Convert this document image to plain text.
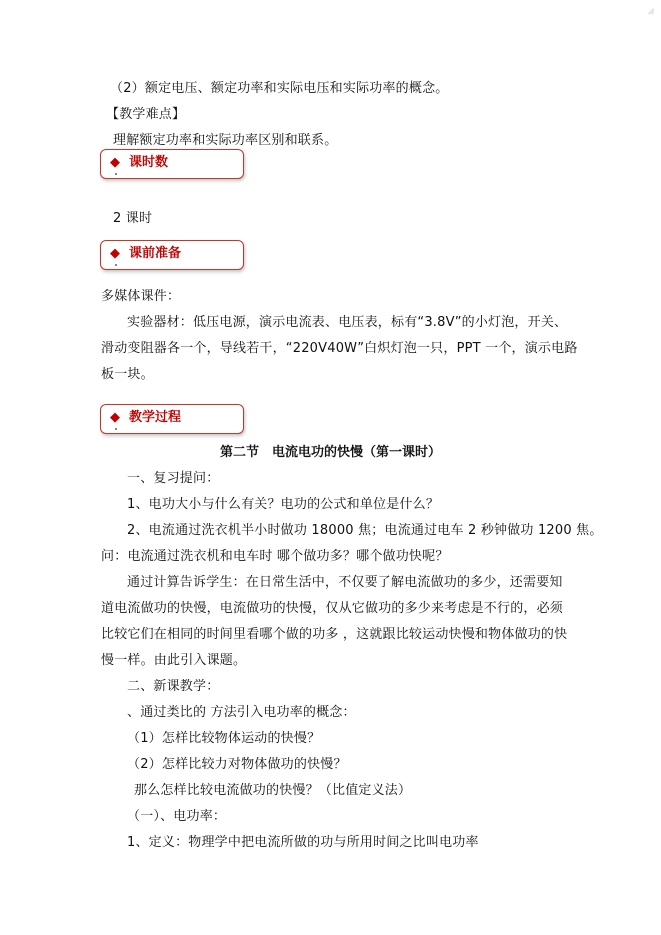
（2）额定电压、额定功率和实际电压和实际功率的概念。
【教学难点】
理解额定功率和实际功率区别和联系。
◆ 课时数
2 课时
◆ 课前准备
多媒体课件：
实验器材：低压电源，演示电流表、电压表，标有“3.8V”的小灯泡，开关、
滑动变阻器各一个，导线若干，“220V40W”白炽灯泡一只，PPT 一个，演示电路
板一块。
◆ 教学过程
第二节　电流电功的快慢（第一课时）
一、复习提问：
1、电功大小与什么有关？电功的公式和单位是什么？
2、电流通过洗衣机半小时做功 18000 焦；电流通过电车 2 秒钟做功 1200 焦。
问：电流通过洗衣机和电车时 哪个做功多？哪个做功快呢？
通过计算告诉学生：在日常生活中，不仅要了解电流做功的多少，还需要知
道电流做功的快慢，电流做功的快慢，仅从它做功的多少来考虑是不行的，必须
比较它们在相同的时间里看哪个做的功多 ，这就跟比较运动快慢和物体做功的快
慢一样。由此引入课题。
二、新课教学：
、通过类比的 方法引入电功率的概念：
（1）怎样比较物体运动的快慢？
（2）怎样比较力对物体做功的快慢？
那么怎样比较电流做功的快慢？（比值定义法）
（一）、电功率：
1、定义：物理学中把电流所做的功与所用时间之比叫电功率
◢
